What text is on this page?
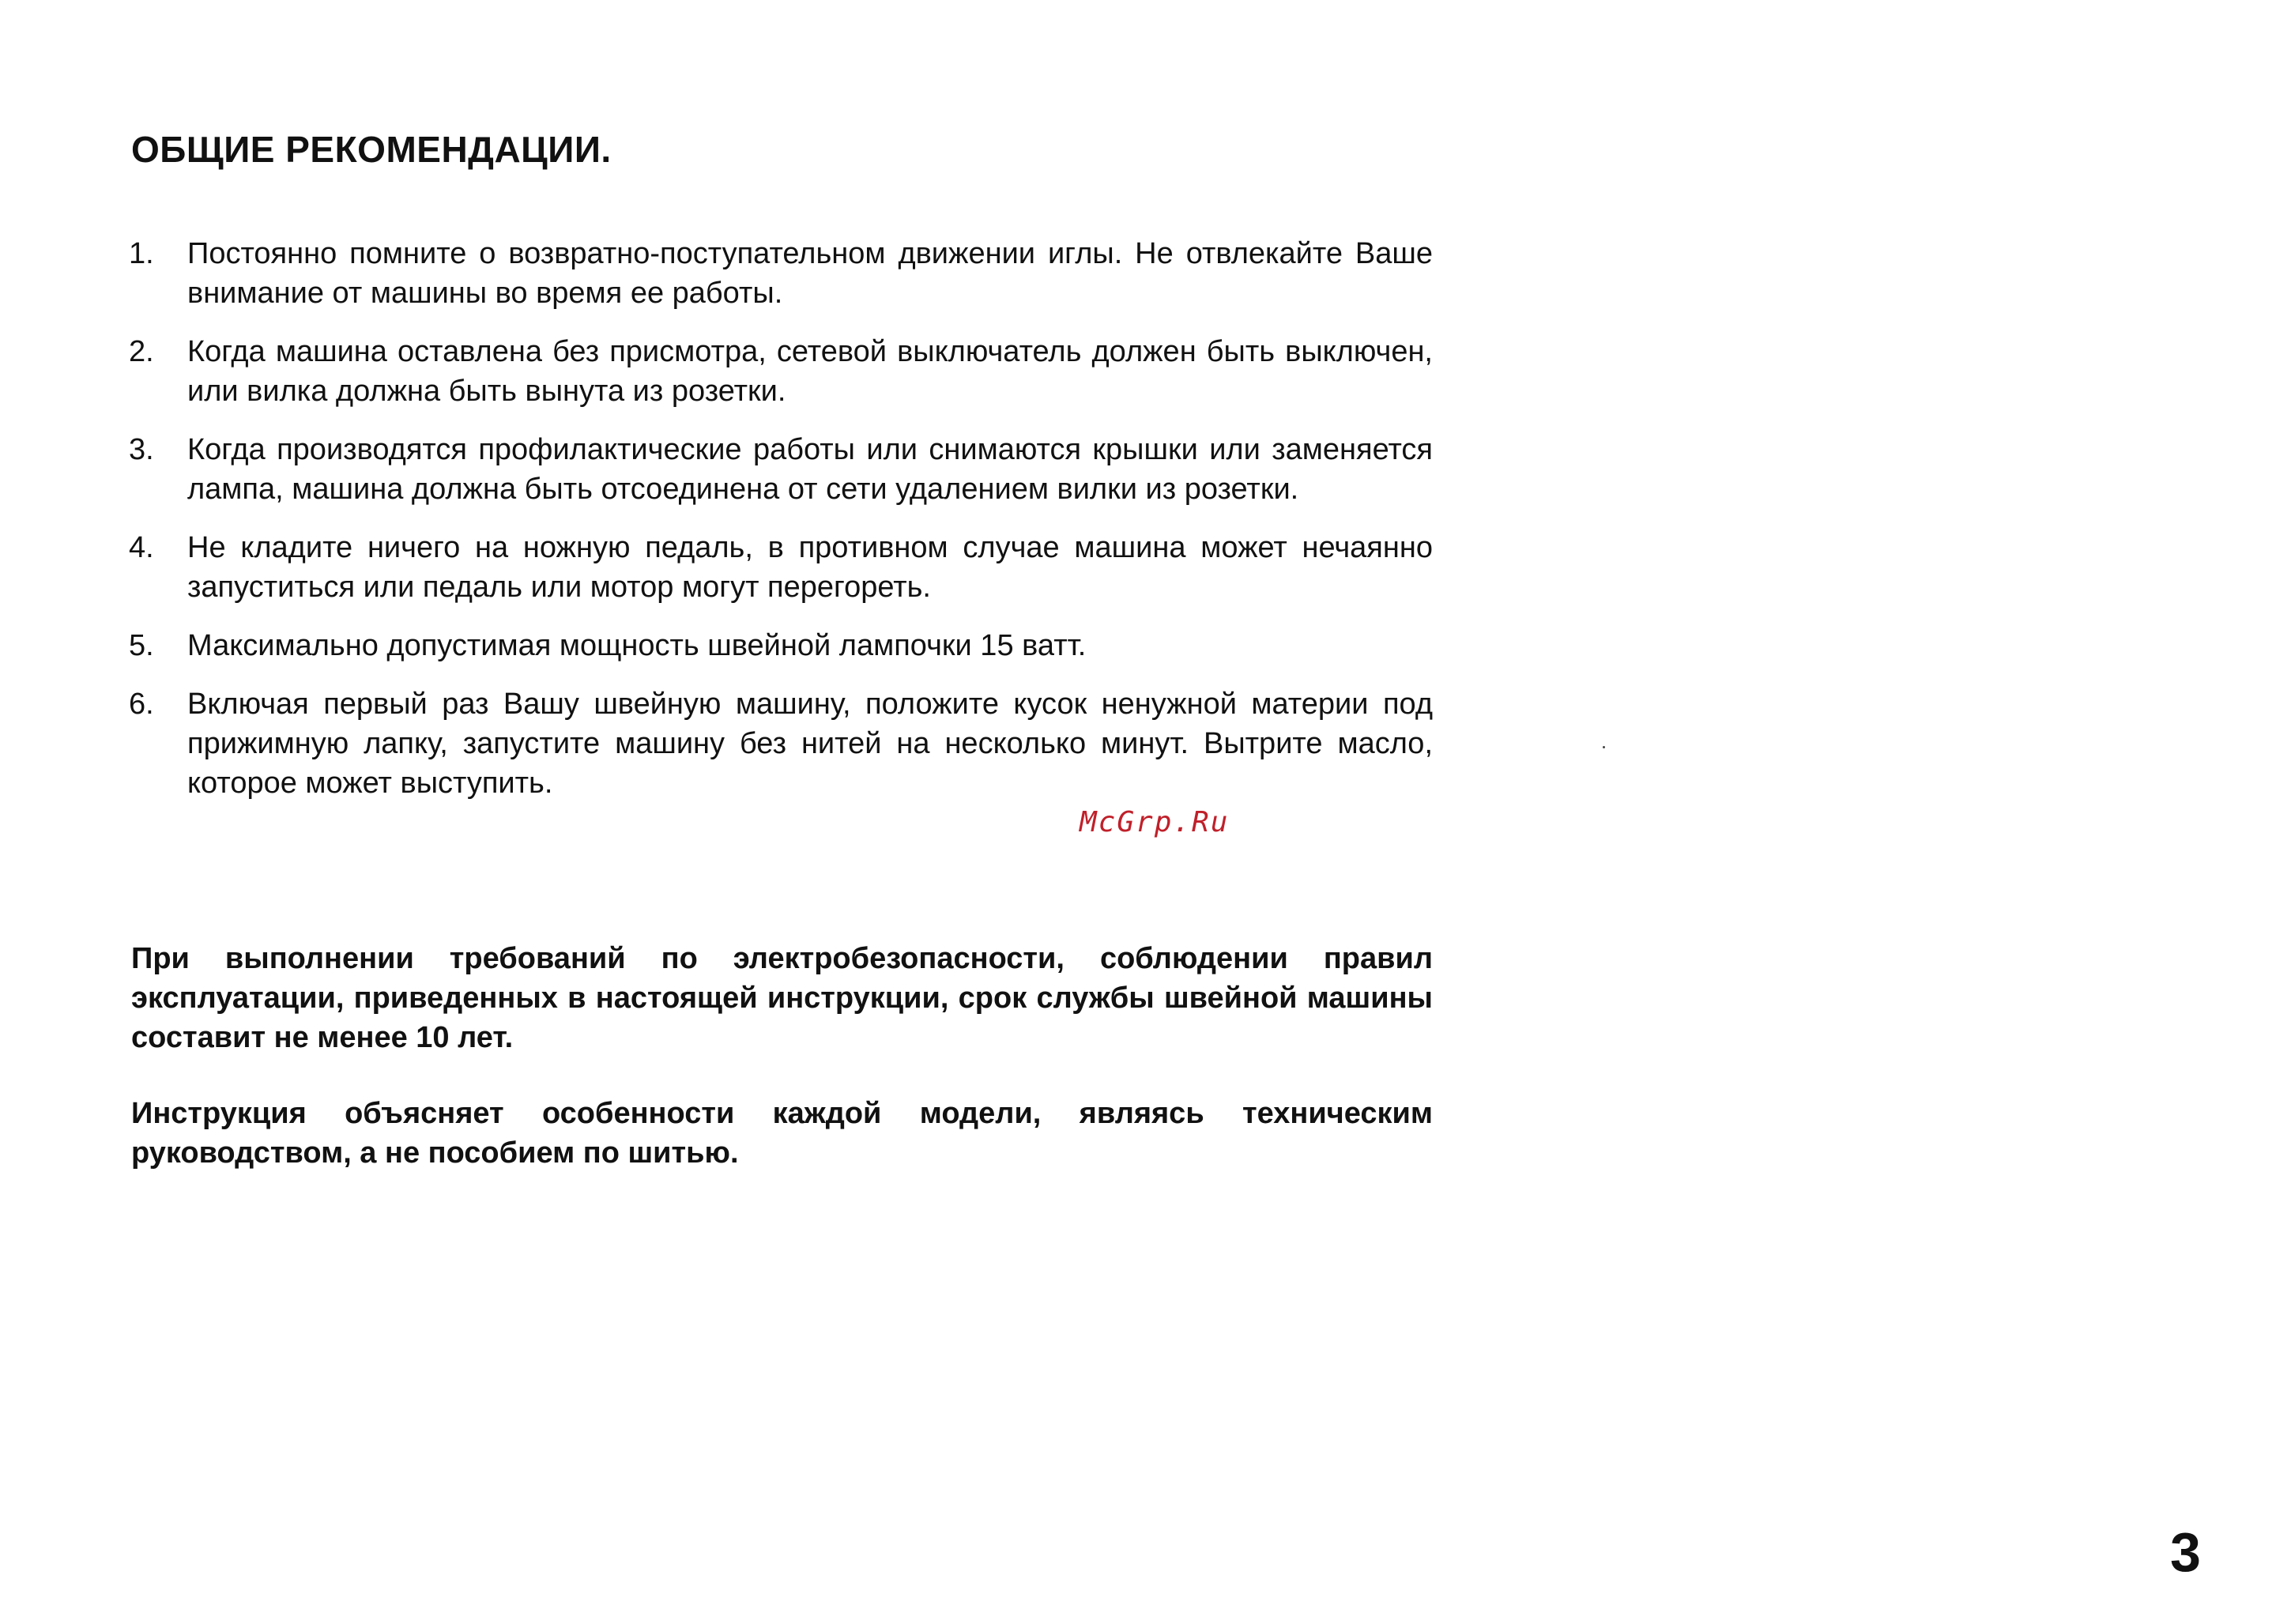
ОБЩИЕ РЕКОМЕНДАЦИИ.
1.	Постоянно помните о возвратно-поступательном движении иглы. Не отвлекайте Ваше внимание от машины во время ее работы.
2.	Когда машина оставлена без присмотра, сетевой выключатель должен быть выключен, или вилка должна быть вынута из розетки.
3.	Когда производятся профилактические работы или снимаются крышки или заменяется лампа, машина должна быть отсоединена от сети удалением вилки из розетки.
4.	Не кладите ничего на ножную педаль, в противном случае машина может нечаянно запуститься или педаль или мотор могут перегореть.
5.	Максимально допустимая мощность швейной лампочки 15 ватт.
6.	Включая первый раз Вашу швейную машину, положите кусок ненужной материи под прижимную лапку, запустите машину без нитей на несколько минут. Вытрите масло, которое может выступить.
McGrp.Ru

При выполнении требований по электробезопасности, соблюдении правил эксплуатации, приведенных в настоящей инструкции, срок службы швейной машины составит не менее 10 лет.

Инструкция объясняет особенности каждой модели, являясь техническим руководством, а не пособием по шитью.

3
